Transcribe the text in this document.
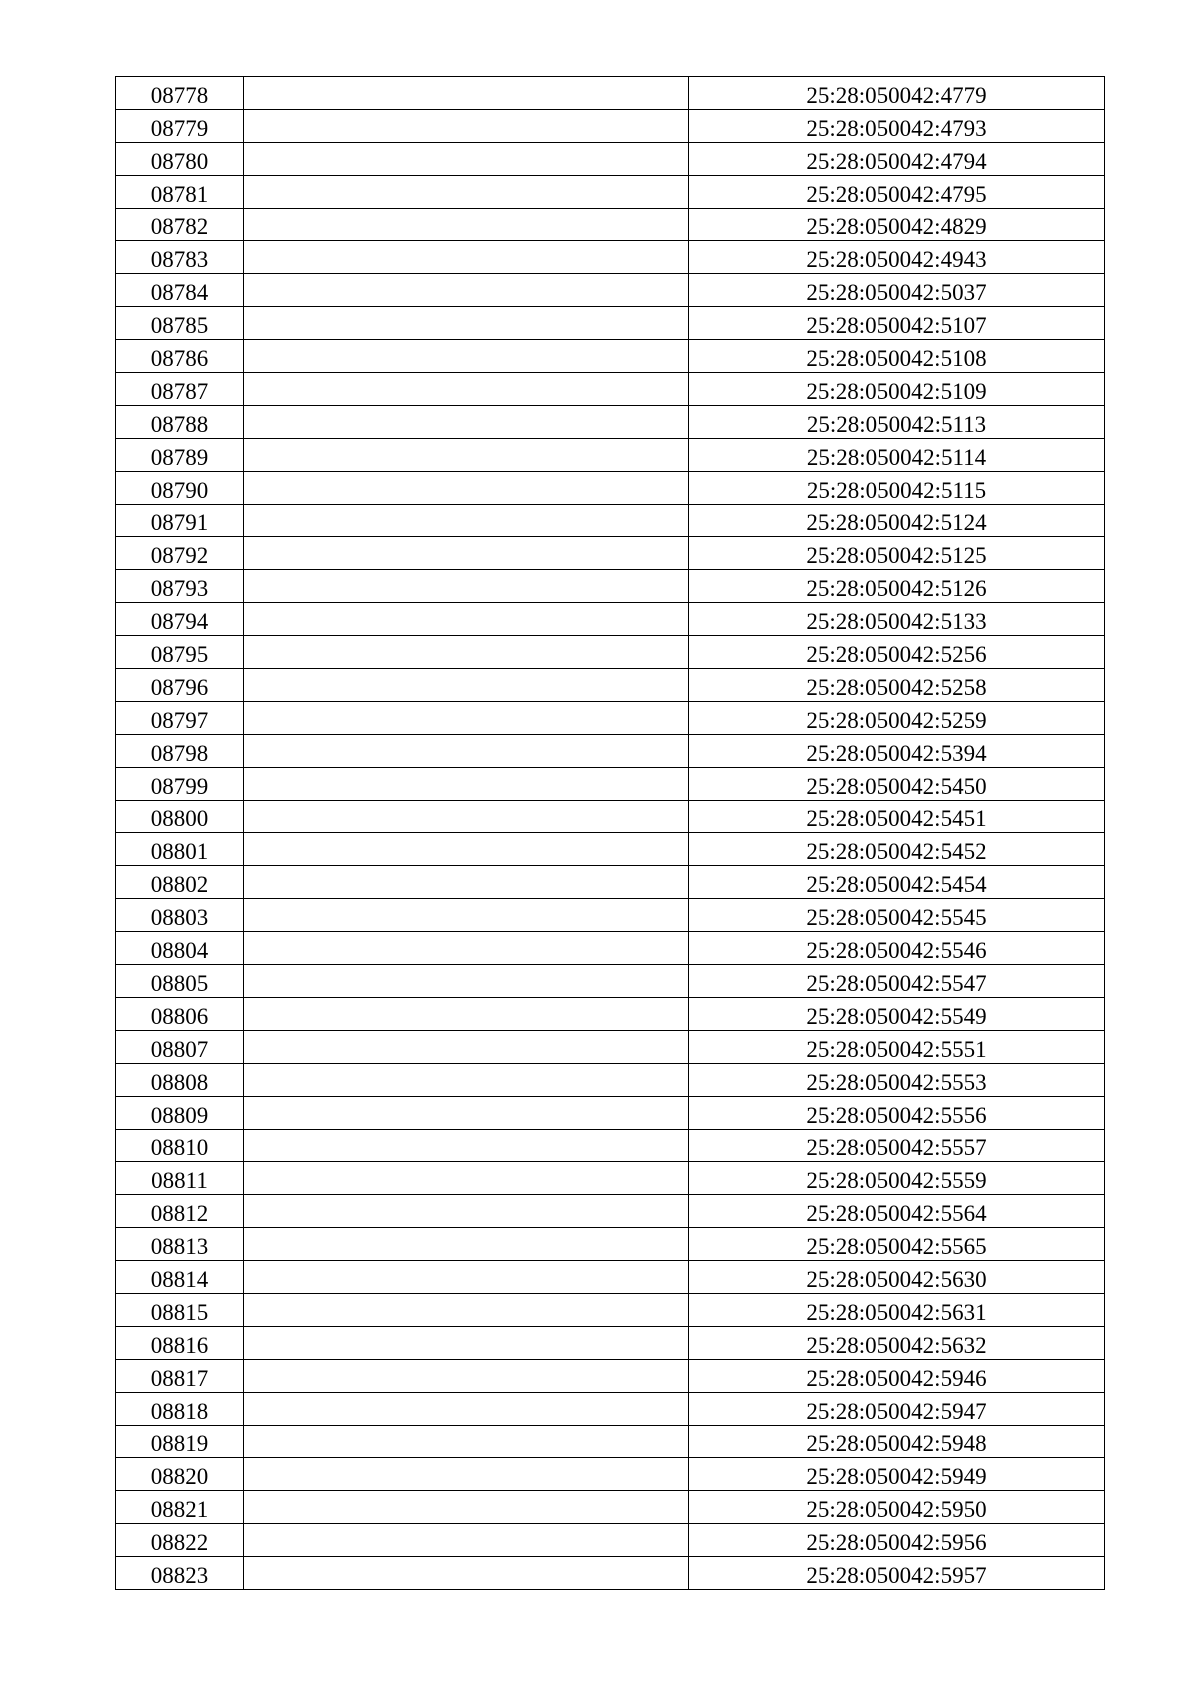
08778		25:28:050042:4779
08779		25:28:050042:4793
08780		25:28:050042:4794
08781		25:28:050042:4795
08782		25:28:050042:4829
08783		25:28:050042:4943
08784		25:28:050042:5037
08785		25:28:050042:5107
08786		25:28:050042:5108
08787		25:28:050042:5109
08788		25:28:050042:5113
08789		25:28:050042:5114
08790		25:28:050042:5115
08791		25:28:050042:5124
08792		25:28:050042:5125
08793		25:28:050042:5126
08794		25:28:050042:5133
08795		25:28:050042:5256
08796		25:28:050042:5258
08797		25:28:050042:5259
08798		25:28:050042:5394
08799		25:28:050042:5450
08800		25:28:050042:5451
08801		25:28:050042:5452
08802		25:28:050042:5454
08803		25:28:050042:5545
08804		25:28:050042:5546
08805		25:28:050042:5547
08806		25:28:050042:5549
08807		25:28:050042:5551
08808		25:28:050042:5553
08809		25:28:050042:5556
08810		25:28:050042:5557
08811		25:28:050042:5559
08812		25:28:050042:5564
08813		25:28:050042:5565
08814		25:28:050042:5630
08815		25:28:050042:5631
08816		25:28:050042:5632
08817		25:28:050042:5946
08818		25:28:050042:5947
08819		25:28:050042:5948
08820		25:28:050042:5949
08821		25:28:050042:5950
08822		25:28:050042:5956
08823		25:28:050042:5957
